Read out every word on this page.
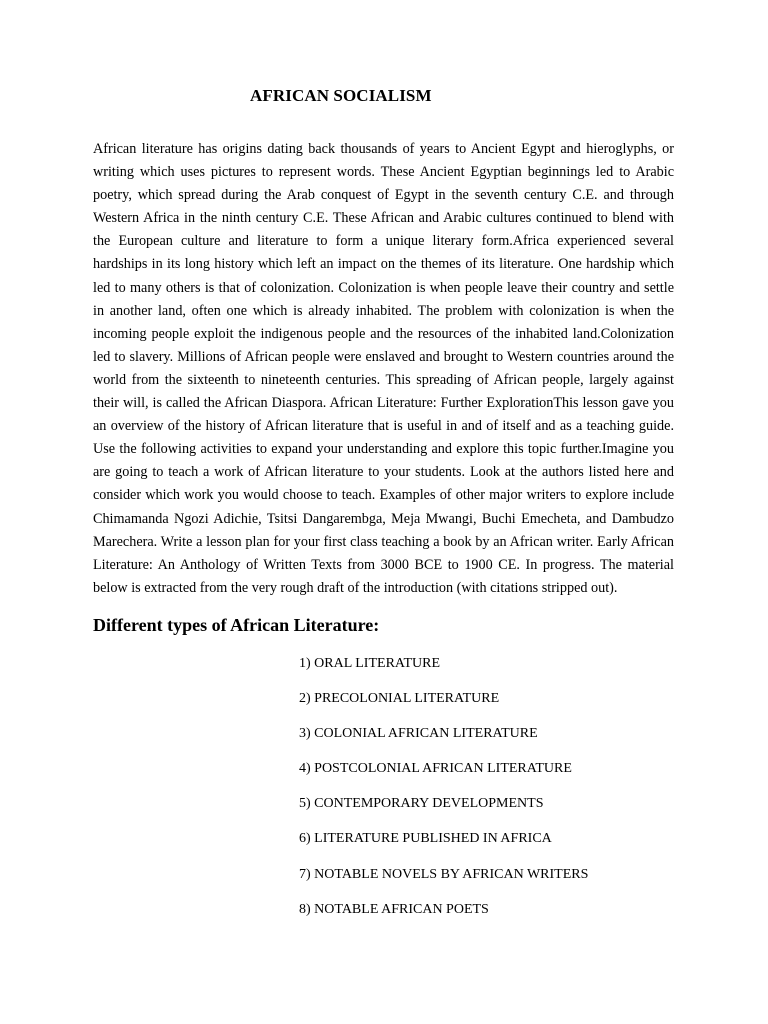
AFRICAN SOCIALISM

African literature has origins dating back thousands of years to Ancient Egypt and hieroglyphs, or writing which uses pictures to represent words. These Ancient Egyptian beginnings led to Arabic poetry, which spread during the Arab conquest of Egypt in the seventh century C.E. and through Western Africa in the ninth century C.E. These African and Arabic cultures continued to blend with the European culture and literature to form a unique literary form.Africa experienced several hardships in its long history which left an impact on the themes of its literature. One hardship which led to many others is that of colonization. Colonization is when people leave their country and settle in another land, often one which is already inhabited. The problem with colonization is when the incoming people exploit the indigenous people and the resources of the inhabited land.Colonization led to slavery. Millions of African people were enslaved and brought to Western countries around the world from the sixteenth to nineteenth centuries. This spreading of African people, largely against their will, is called the African Diaspora. African Literature: Further ExplorationThis lesson gave you an overview of the history of African literature that is useful in and of itself and as a teaching guide. Use the following activities to expand your understanding and explore this topic further.Imagine you are going to teach a work of African literature to your students. Look at the authors listed here and consider which work you would choose to teach. Examples of other major writers to explore include Chimamanda Ngozi Adichie, Tsitsi Dangarembga, Meja Mwangi, Buchi Emecheta, and Dambudzo Marechera. Write a lesson plan for your first class teaching a book by an African writer. Early African Literature: An Anthology of Written Texts from 3000 BCE to 1900 CE. In progress. The material below is extracted from the very rough draft of the introduction (with citations stripped out).

Different types of African Literature:
1) ORAL LITERATURE
2) PRECOLONIAL LITERATURE
3) COLONIAL AFRICAN LITERATURE
4) POSTCOLONIAL AFRICAN LITERATURE
5) CONTEMPORARY DEVELOPMENTS
6) LITERATURE PUBLISHED IN AFRICA
7) NOTABLE NOVELS BY AFRICAN WRITERS
8) NOTABLE AFRICAN POETS
